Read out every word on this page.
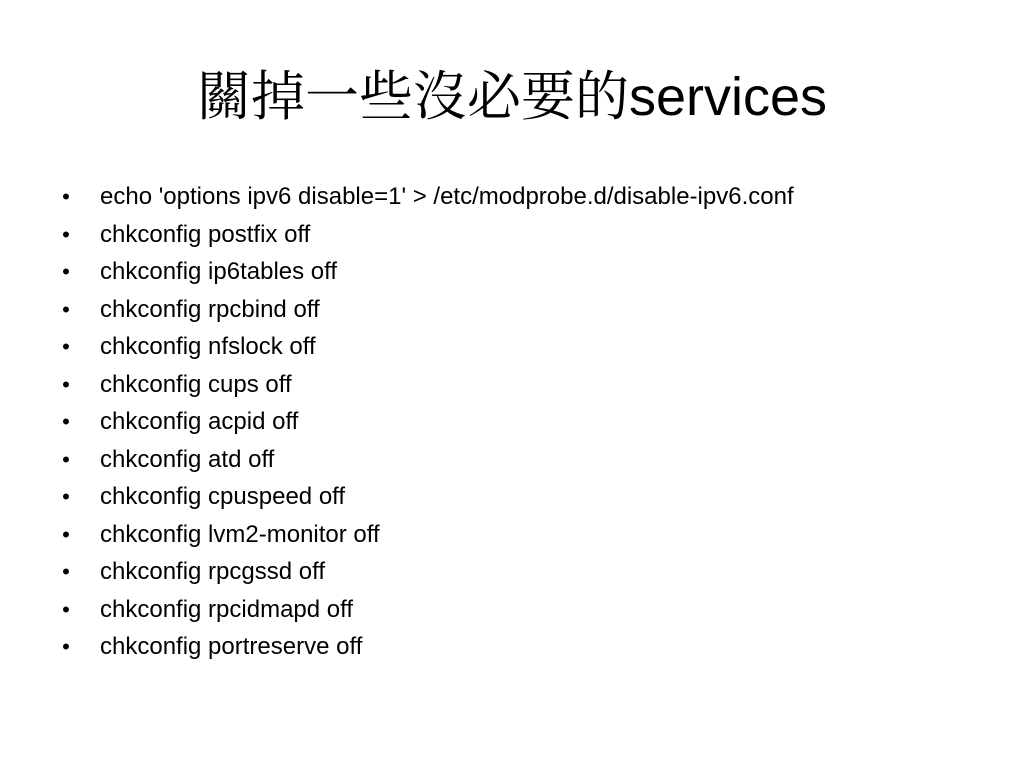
關掉一些沒必要的services
• echo 'options ipv6 disable=1' > /etc/modprobe.d/disable-ipv6.conf
• chkconfig postfix off
• chkconfig ip6tables off
• chkconfig rpcbind off
• chkconfig nfslock off
• chkconfig cups off
• chkconfig acpid off
• chkconfig atd off
• chkconfig cpuspeed off
• chkconfig lvm2-monitor off
• chkconfig rpcgssd off
• chkconfig rpcidmapd off
• chkconfig portreserve off
